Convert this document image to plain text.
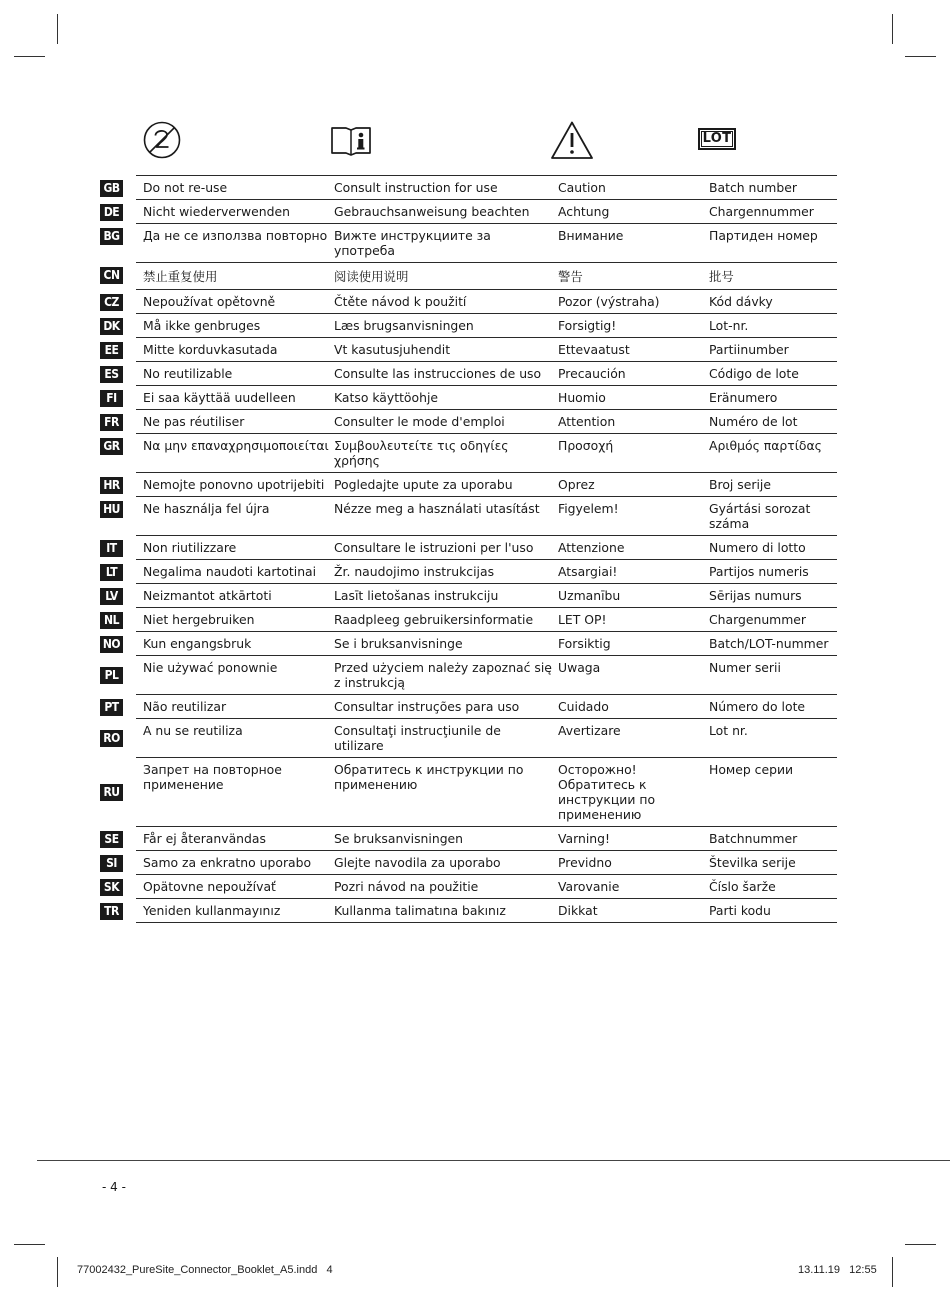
LOT
GB	Do not re-use	Consult instruction for use	Caution	Batch number
DE	Nicht wiederverwenden	Gebrauchsanweisung beachten	Achtung	Chargennummer
BG	Да не се използва повторно	Вижте инструкциите за употреба	Внимание	Партиден номер
CN	禁止重复使用	阅读使用说明	警告	批号
CZ	Nepoužívat opětovně	Čtěte návod k použití	Pozor (výstraha)	Kód dávky
DK	Må ikke genbruges	Læs brugsanvisningen	Forsigtig!	Lot-nr.
EE	Mitte korduvkasutada	Vt kasutusjuhendit	Ettevaatust	Partiinumber
ES	No reutilizable	Consulte las instrucciones de uso	Precaución	Código de lote
FI	Ei saa käyttää uudelleen	Katso käyttöohje	Huomio	Eränumero
FR	Ne pas réutiliser	Consulter le mode d'emploi	Attention	Numéro de lot
GR	Να μην επαναχρησιμοποιείται	Συμβουλευτείτε τις οδηγίες χρήσης	Προσοχή	Αριθμός παρτίδας
HR	Nemojte ponovno upotrijebiti	Pogledajte upute za uporabu	Oprez	Broj serije
HU	Ne használja fel újra	Nézze meg a használati utasítást	Figyelem!	Gyártási sorozat száma
IT	Non riutilizzare	Consultare le istruzioni per l'uso	Attenzione	Numero di lotto
LT	Negalima naudoti kartotinai	Žr. naudojimo instrukcijas	Atsargiai!	Partijos numeris
LV	Neizmantot atkārtoti	Lasīt lietošanas instrukciju	Uzmanību	Sērijas numurs
NL	Niet hergebruiken	Raadpleeg gebruikersinformatie	LET OP!	Chargenummer
NO	Kun engangsbruk	Se i bruksanvisninge	Forsiktig	Batch/LOT-nummer
PL	Nie używać ponownie	Przed użyciem należy zapoznać się z instrukcją	Uwaga	Numer serii
PT	Não reutilizar	Consultar instruções para uso	Cuidado	Número do lote
RO	A nu se reutiliza	Consultaţi instrucţiunile de utilizare	Avertizare	Lot nr.
RU	Запрет на повторное применение	Обратитесь к инструкции по применению	Осторожно! Обратитесь к инструкции по применению	Номер серии
SE	Får ej återanvändas	Se bruksanvisningen	Varning!	Batchnummer
SI	Samo za enkratno uporabo	Glejte navodila za uporabo	Previdno	Številka serije
SK	Opätovne nepoužívať	Pozri návod na použitie	Varovanie	Číslo šarže
TR	Yeniden kullanmayınız	Kullanma talimatına bakınız	Dikkat	Parti kodu
- 4 -
77002432_PureSite_Connector_Booklet_A5.indd   4	13.11.19   12:55
